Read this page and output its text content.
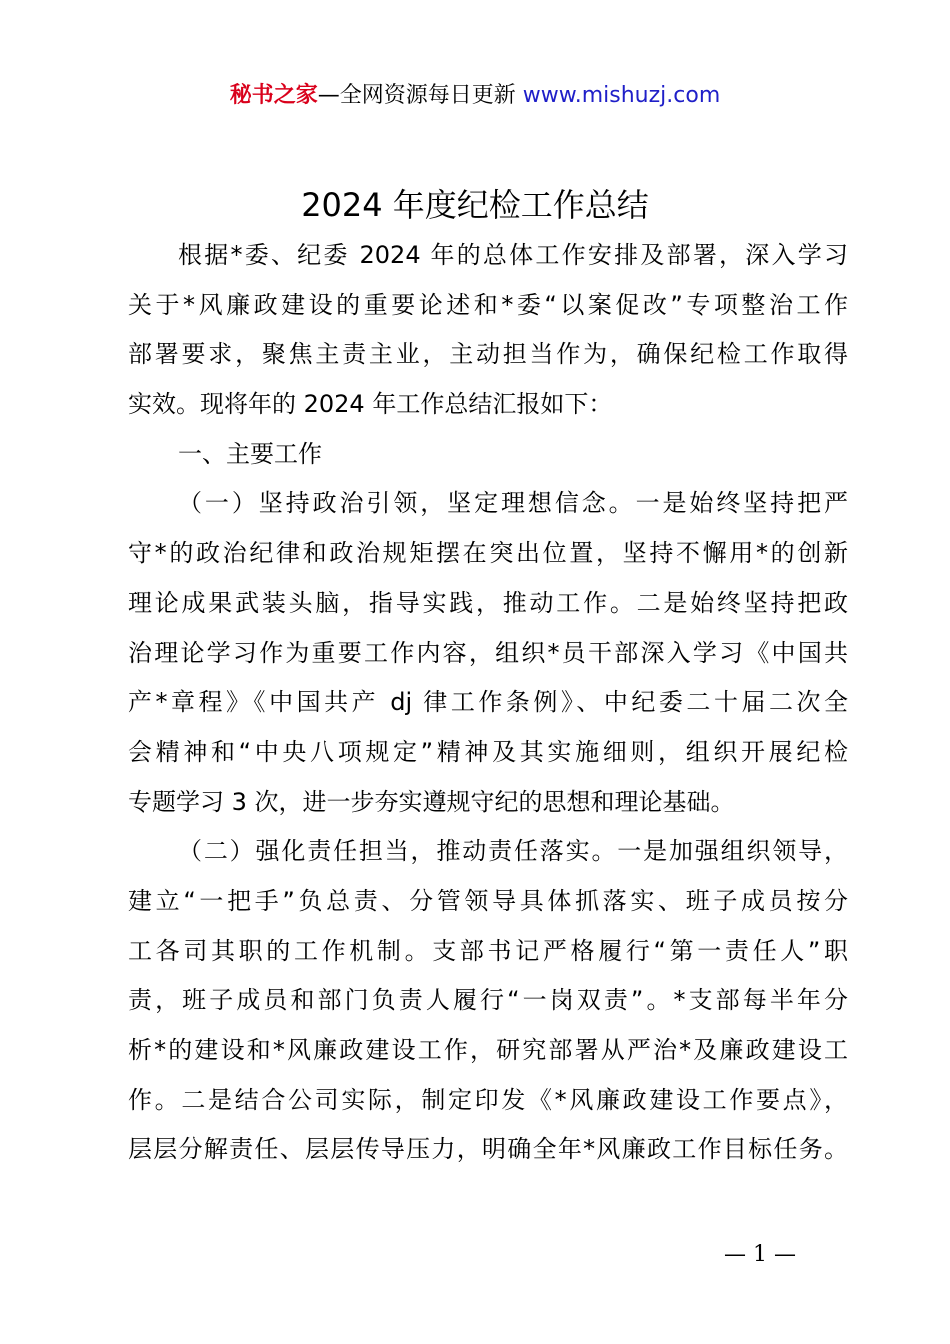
秘书之家—全网资源每日更新 www.mishuzj.com
2024 年度纪检工作总结
根据*委、纪委 2024 年的总体工作安排及部署，深入学习
关于*风廉政建设的重要论述和*委“以案促改”专项整治工作
部署要求，聚焦主责主业，主动担当作为，确保纪检工作取得
实效。现将年的 2024 年工作总结汇报如下：
一、主要工作
（一）坚持政治引领，坚定理想信念。一是始终坚持把严
守*的政治纪律和政治规矩摆在突出位置，坚持不懈用*的创新
理论成果武装头脑，指导实践，推动工作。二是始终坚持把政
治理论学习作为重要工作内容，组织*员干部深入学习《中国共
产*章程》《中国共产 dj 律工作条例》、中纪委二十届二次全
会精神和“中央八项规定”精神及其实施细则，组织开展纪检
专题学习 3 次，进一步夯实遵规守纪的思想和理论基础。
（二）强化责任担当，推动责任落实。一是加强组织领导，
建立“一把手”负总责、分管领导具体抓落实、班子成员按分
工各司其职的工作机制。支部书记严格履行“第一责任人”职
责，班子成员和部门负责人履行“一岗双责”。*支部每半年分
析*的建设和*风廉政建设工作，研究部署从严治*及廉政建设工
作。二是结合公司实际，制定印发《*风廉政建设工作要点》，
层层分解责任、层层传导压力，明确全年*风廉政工作目标任务。
— 1 —
